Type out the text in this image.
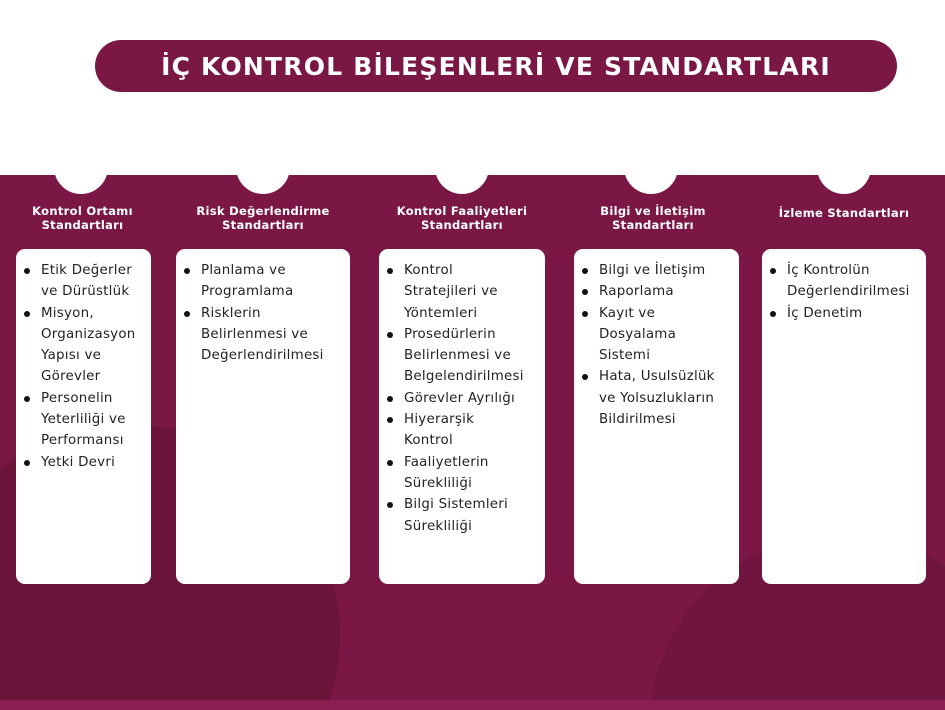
İÇ KONTROL BİLEŞENLERİ VE STANDARTLARI
Kontrol Ortamı
Standartları
Etik Değerler
ve Dürüstlük
Misyon,
Organizasyon
Yapısı ve
Görevler
Personelin
Yeterliliği ve
Performansı
Yetki Devri
Risk Değerlendirme
Standartları
Planlama ve
Programlama
Risklerin
Belirlenmesi ve
Değerlendirilmesi
Kontrol Faaliyetleri
Standartları
Kontrol
Stratejileri ve
Yöntemleri
Prosedürlerin
Belirlenmesi ve
Belgelendirilmesi
Görevler Ayrılığı
Hiyerarşik
Kontrol
Faaliyetlerin
Sürekliliği
Bilgi Sistemleri
Sürekliliği
Bilgi ve İletişim
Standartları
Bilgi ve İletişim
Raporlama
Kayıt ve
Dosyalama
Sistemi
Hata, Usulsüzlük
ve Yolsuzlukların
Bildirilmesi
İzleme Standartları
İç Kontrolün
Değerlendirilmesi
İç Denetim
